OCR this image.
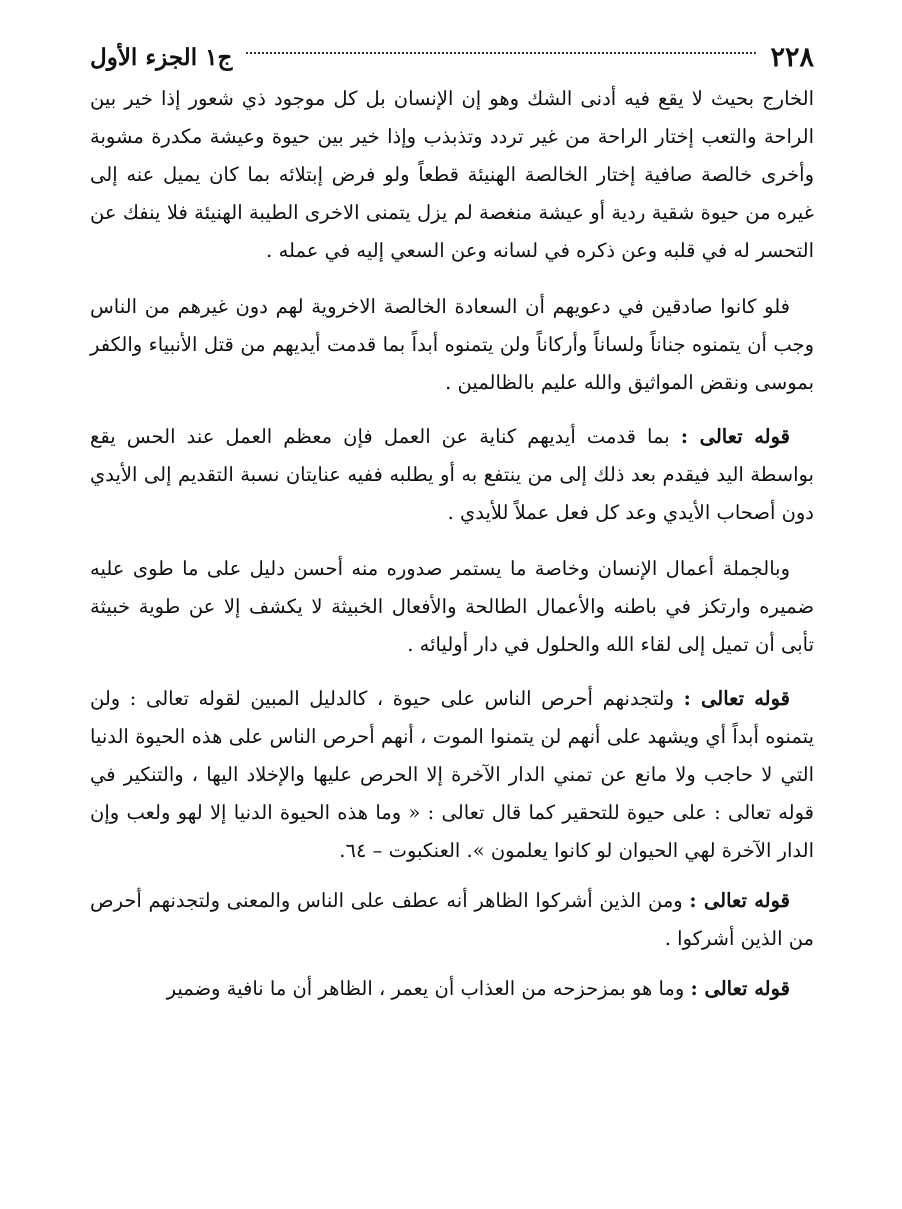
٢٢٨
ج١ الجزء الأول

الخارج بحيث لا يقع فيه أدنى الشك وهو إن الإنسان بل كل موجود ذي شعور إذا خير بين الراحة والتعب إختار الراحة من غير تردد وتذبذب وإذا خير بين حيوة وعيشة مكدرة مشوبة وأخرى خالصة صافية إختار الخالصة الهنيئة قطعاً ولو فرض إبتلائه بما كان يميل عنه إلى غيره من حيوة شقية ردية أو عيشة منغصة لم يزل يتمنى الاخرى الطيبة الهنيئة فلا ينفك عن التحسر له في قلبه وعن ذكره في لسانه وعن السعي إليه في عمله .

فلو كانوا صادقين في دعويهم أن السعادة الخالصة الاخروية لهم دون غيرهم من الناس وجب أن يتمنوه جناناً ولساناً وأركاناً ولن يتمنوه أبداً بما قدمت أيديهم من قتل الأنبياء والكفر بموسى ونقض المواثيق والله عليم بالظالمين .

قوله تعالى : بما قدمت أيديهم كناية عن العمل فإن معظم العمل عند الحس يقع بواسطة اليد فيقدم بعد ذلك إلى من ينتفع به أو يطلبه ففيه عنايتان نسبة التقديم إلى الأيدي دون أصحاب الأيدي وعد كل فعل عملاً للأيدي .

وبالجملة أعمال الإنسان وخاصة ما يستمر صدوره منه أحسن دليل على ما طوى عليه ضميره وارتكز في باطنه والأعمال الطالحة والأفعال الخبيثة لا يكشف إلا عن طوية خبيثة تأبى أن تميل إلى لقاء الله والحلول في دار أوليائه .

قوله تعالى : ولتجدنهم أحرص الناس على حيوة ، كالدليل المبين لقوله تعالى : ولن يتمنوه أبداً أي ويشهد على أنهم لن يتمنوا الموت ، أنهم أحرص الناس على هذه الحيوة الدنيا التي لا حاجب ولا مانع عن تمني الدار الآخرة إلا الحرص عليها والإخلاد اليها ، والتنكير في قوله تعالى : على حيوة للتحقير كما قال تعالى : « وما هذه الحيوة الدنيا إلا لهو ولعب وإن الدار الآخرة لهي الحيوان لو كانوا يعلمون ». العنكبوت – ٦٤.

قوله تعالى : ومن الذين أشركوا الظاهر أنه عطف على الناس والمعنى ولتجدنهم أحرص من الذين أشركوا .

قوله تعالى : وما هو بمزحزحه من العذاب أن يعمر ، الظاهر أن ما نافية وضمير
